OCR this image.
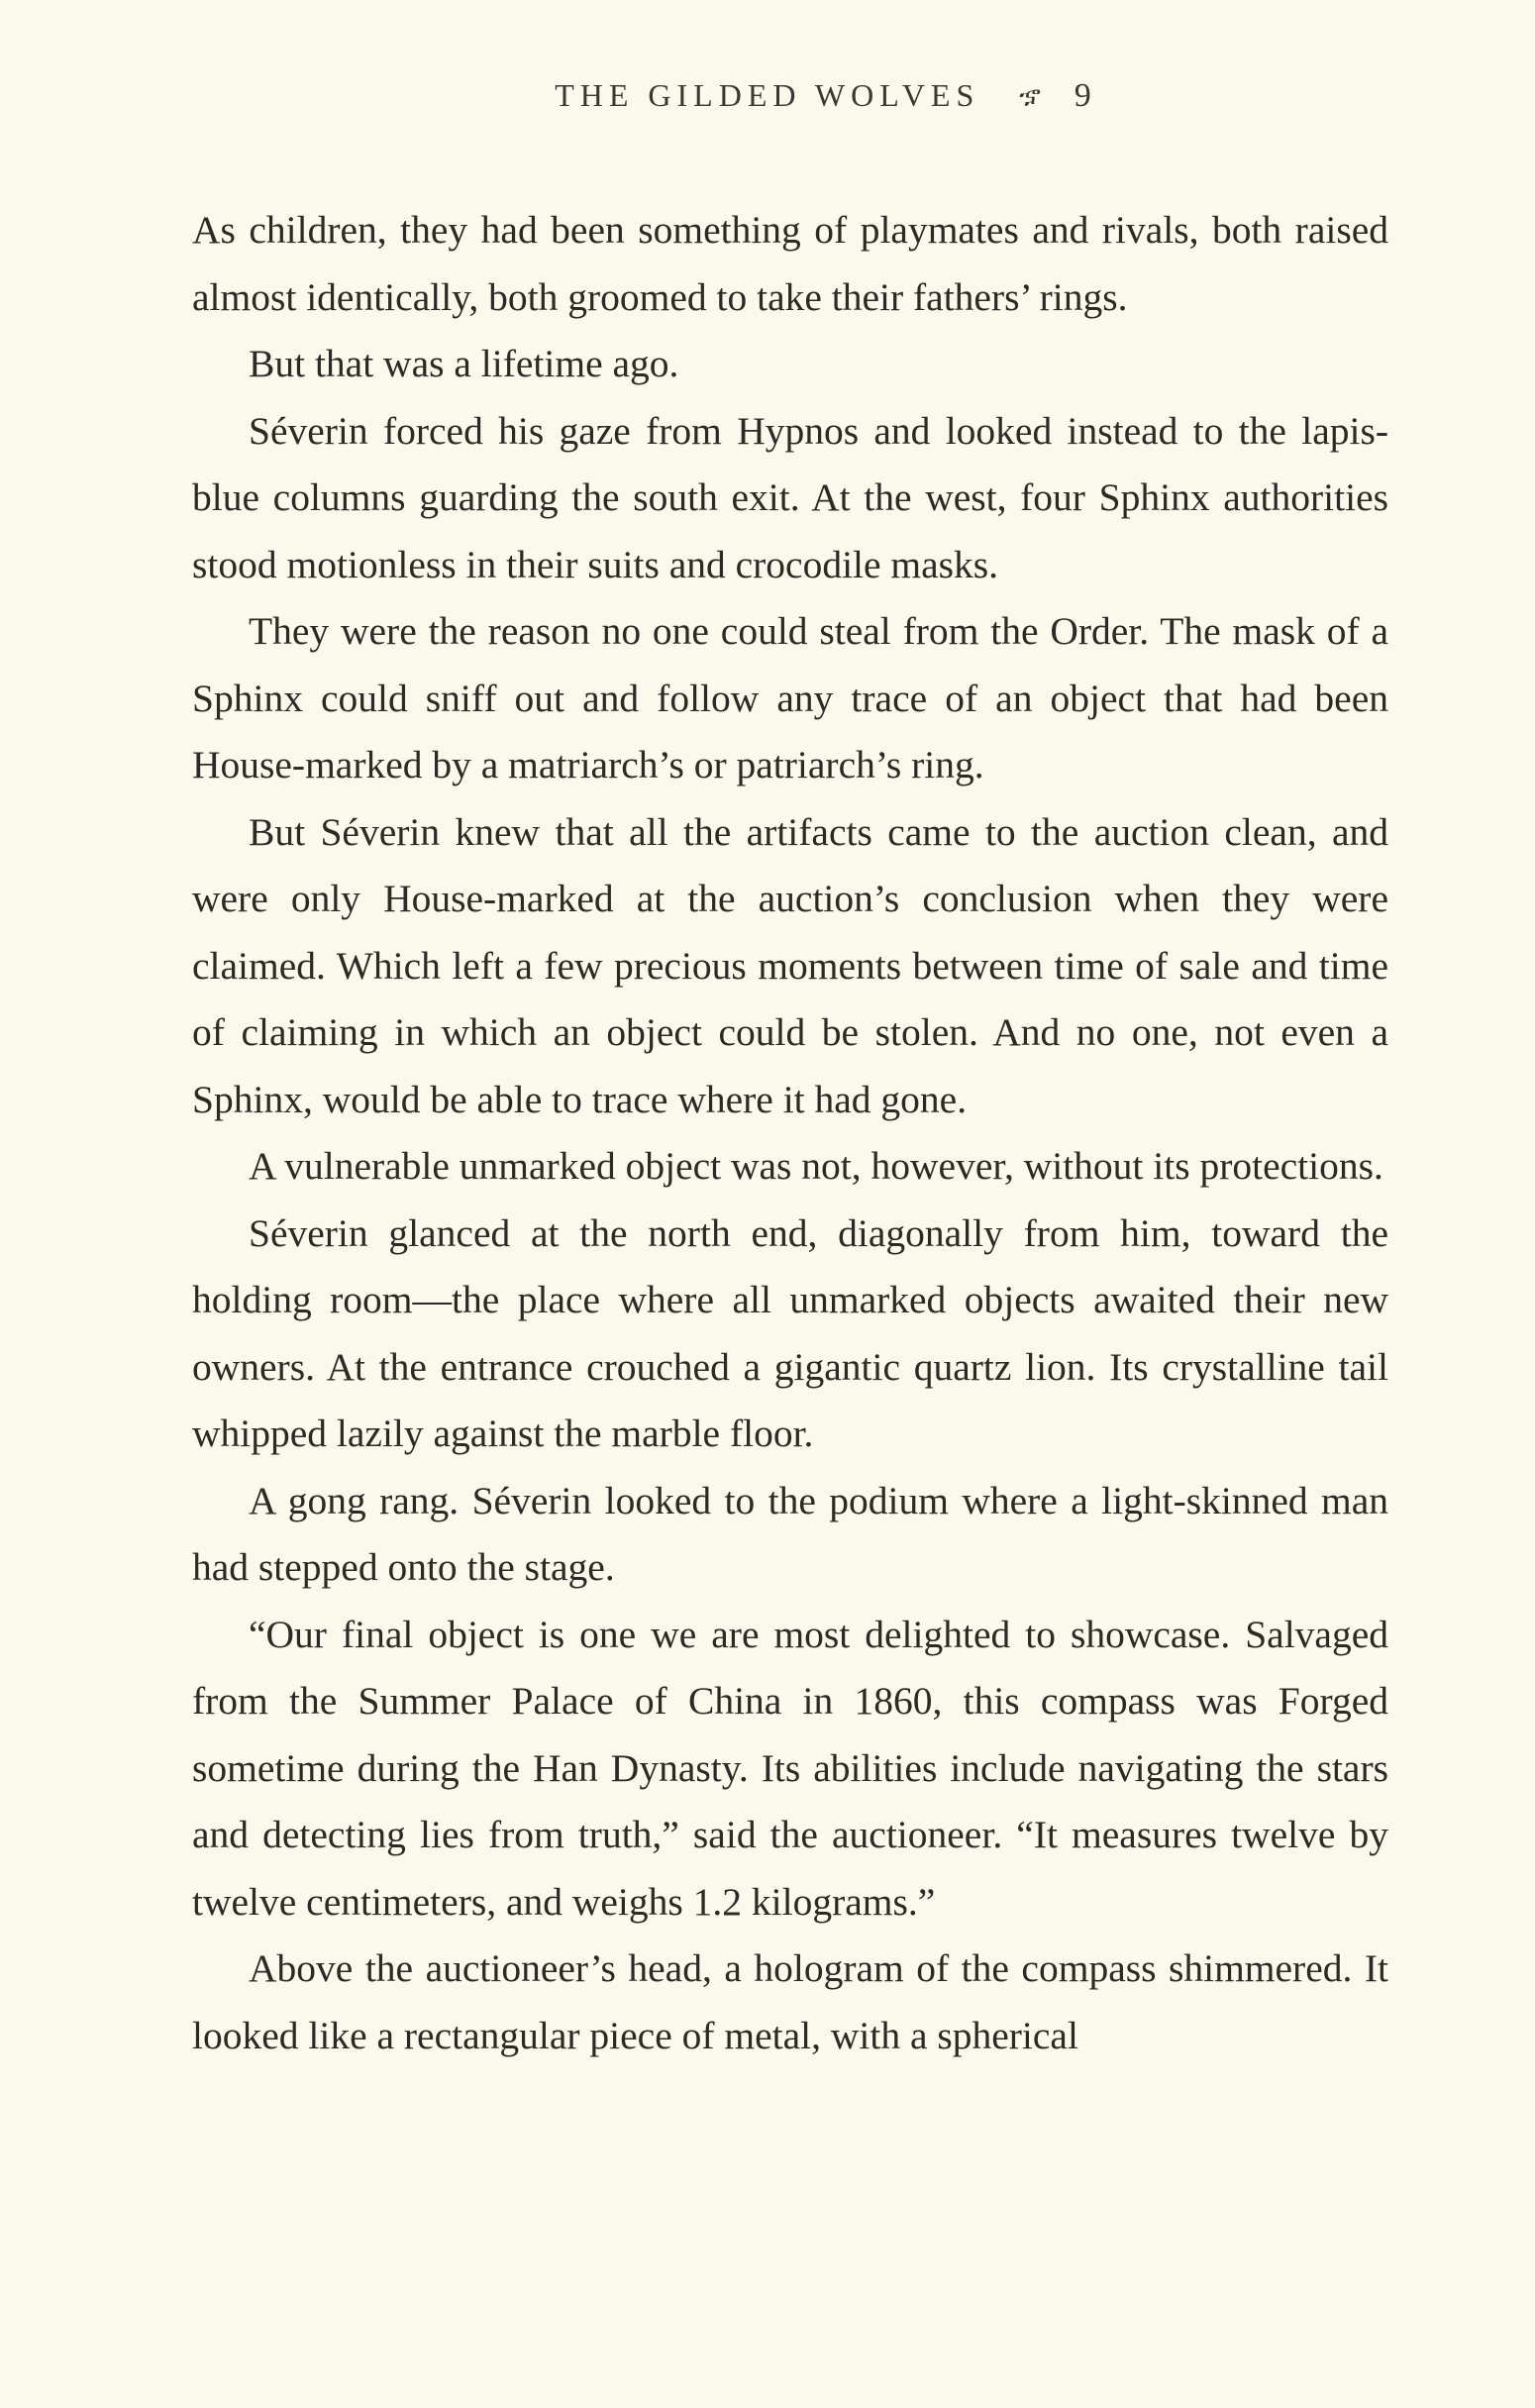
THE GILDED WOLVES ኇ 9

As children, they had been something of playmates and rivals, both raised almost identically, both groomed to take their fathers’ rings.

But that was a lifetime ago.

Séverin forced his gaze from Hypnos and looked instead to the lapis-blue columns guarding the south exit. At the west, four Sphinx authorities stood motionless in their suits and crocodile masks.

They were the reason no one could steal from the Order. The mask of a Sphinx could sniff out and follow any trace of an object that had been House-marked by a matriarch’s or patriarch’s ring.

But Séverin knew that all the artifacts came to the auction clean, and were only House-marked at the auction’s conclusion when they were claimed. Which left a few precious moments between time of sale and time of claiming in which an object could be stolen. And no one, not even a Sphinx, would be able to trace where it had gone.

A vulnerable unmarked object was not, however, without its protections.

Séverin glanced at the north end, diagonally from him, toward the holding room—the place where all unmarked objects awaited their new owners. At the entrance crouched a gigantic quartz lion. Its crystalline tail whipped lazily against the marble floor.

A gong rang. Séverin looked to the podium where a light-skinned man had stepped onto the stage.

“Our final object is one we are most delighted to showcase. Salvaged from the Summer Palace of China in 1860, this compass was Forged sometime during the Han Dynasty. Its abilities include navigating the stars and detecting lies from truth,” said the auctioneer. “It measures twelve by twelve centimeters, and weighs 1.2 kilograms.”

Above the auctioneer’s head, a hologram of the compass shimmered. It looked like a rectangular piece of metal, with a spherical
